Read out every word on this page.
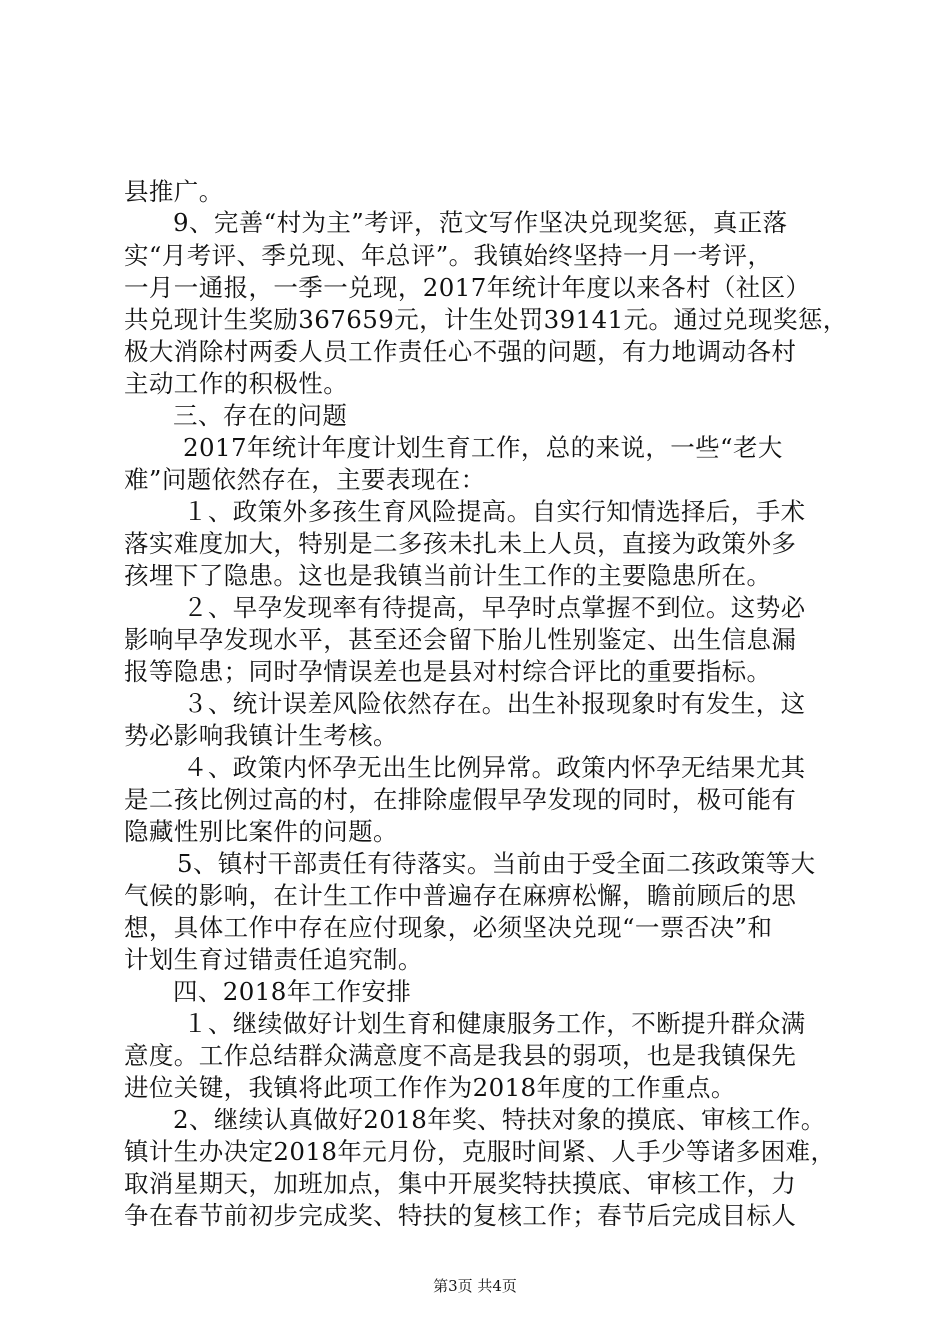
县推广。
9、完善“村为主”考评，范文写作坚决兑现奖惩，真正落
实“月考评、季兑现、年总评”。我镇始终坚持一月一考评，
一月一通报，一季一兑现，2017年统计年度以来各村（社区）
共兑现计生奖励367659元，计生处罚39141元。通过兑现奖惩，
极大消除村两委人员工作责任心不强的问题，有力地调动各村
主动工作的积极性。
三、存在的问题
2017年统计年度计划生育工作，总的来说，一些“老大
难”问题依然存在，主要表现在：
１、政策外多孩生育风险提高。自实行知情选择后，手术
落实难度加大，特别是二多孩未扎未上人员，直接为政策外多
孩埋下了隐患。这也是我镇当前计生工作的主要隐患所在。
２、早孕发现率有待提高，早孕时点掌握不到位。这势必
影响早孕发现水平，甚至还会留下胎儿性别鉴定、出生信息漏
报等隐患；同时孕情误差也是县对村综合评比的重要指标。
３、统计误差风险依然存在。出生补报现象时有发生，这
势必影响我镇计生考核。
４、政策内怀孕无出生比例异常。政策内怀孕无结果尤其
是二孩比例过高的村，在排除虚假早孕发现的同时，极可能有
隐藏性别比案件的问题。
5、镇村干部责任有待落实。当前由于受全面二孩政策等大
气候的影响，在计生工作中普遍存在麻痹松懈，瞻前顾后的思
想，具体工作中存在应付现象，必须坚决兑现“一票否决”和
计划生育过错责任追究制。
四、2018年工作安排
１、继续做好计划生育和健康服务工作，不断提升群众满
意度。工作总结群众满意度不高是我县的弱项，也是我镇保先
进位关键，我镇将此项工作作为2018年度的工作重点。
2、继续认真做好2018年奖、特扶对象的摸底、审核工作。
镇计生办决定2018年元月份，克服时间紧、人手少等诸多困难，
取消星期天，加班加点，集中开展奖特扶摸底、审核工作，力
争在春节前初步完成奖、特扶的复核工作；春节后完成目标人
第3页 共4页
